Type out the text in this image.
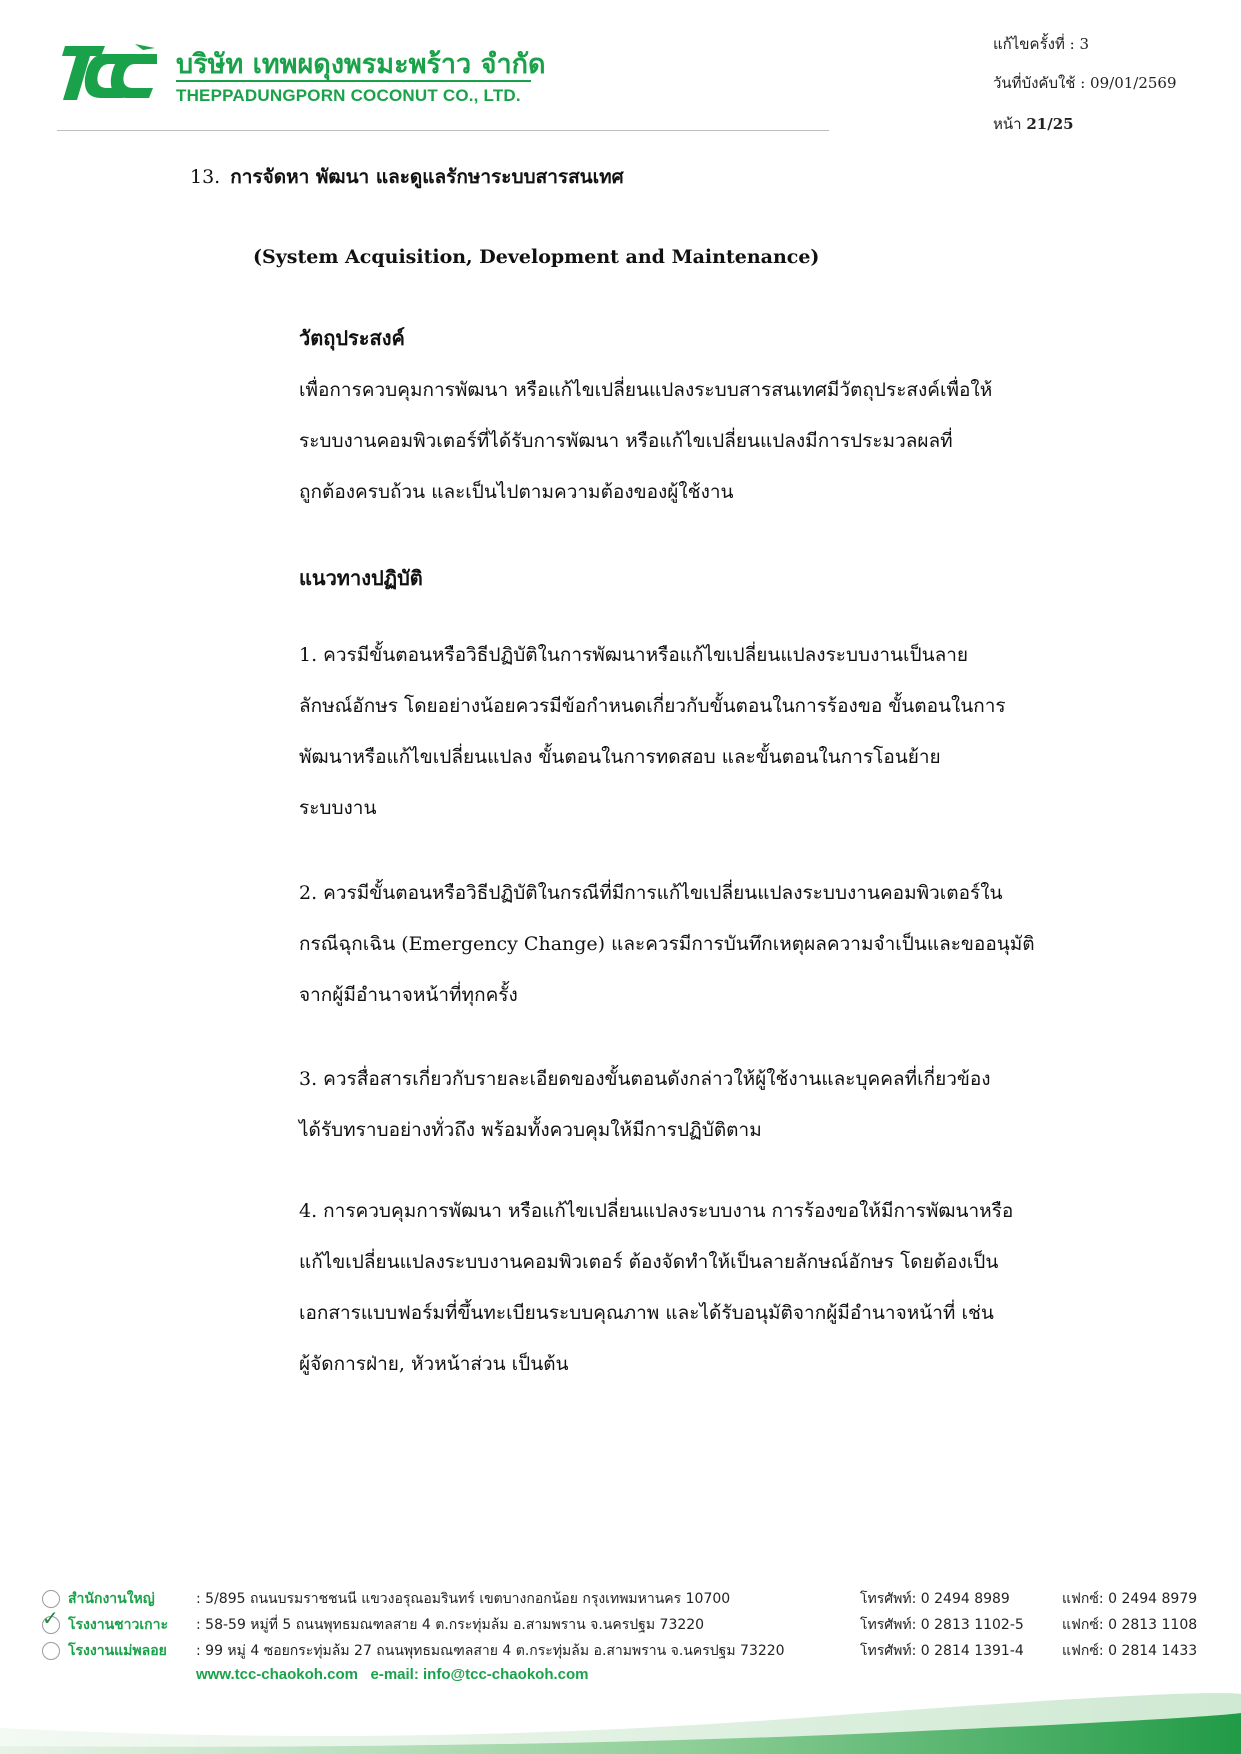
บริษัท เทพผดุงพรมะพร้าว จำกัด
THEPPADUNGPORN COCONUT CO., LTD.
แก้ไขครั้งที่ : 3
วันที่บังคับใช้ : 09/01/2569
หน้า 21/25
13. การจัดหา พัฒนา และดูแลรักษาระบบสารสนเทศ
(System Acquisition, Development and Maintenance)
วัตถุประสงค์
เพื่อการควบคุมการพัฒนา หรือแก้ไขเปลี่ยนแปลงระบบสารสนเทศมีวัตถุประสงค์เพื่อให้
ระบบงานคอมพิวเตอร์ที่ได้รับการพัฒนา หรือแก้ไขเปลี่ยนแปลงมีการประมวลผลที่
ถูกต้องครบถ้วน และเป็นไปตามความต้องของผู้ใช้งาน
แนวทางปฏิบัติ
1. ควรมีขั้นตอนหรือวิธีปฏิบัติในการพัฒนาหรือแก้ไขเปลี่ยนแปลงระบบงานเป็นลาย
ลักษณ์อักษร โดยอย่างน้อยควรมีข้อกำหนดเกี่ยวกับขั้นตอนในการร้องขอ ขั้นตอนในการ
พัฒนาหรือแก้ไขเปลี่ยนแปลง ขั้นตอนในการทดสอบ และขั้นตอนในการโอนย้าย
ระบบงาน
2. ควรมีขั้นตอนหรือวิธีปฏิบัติในกรณีที่มีการแก้ไขเปลี่ยนแปลงระบบงานคอมพิวเตอร์ใน
กรณีฉุกเฉิน (Emergency Change) และควรมีการบันทึกเหตุผลความจำเป็นและขออนุมัติ
จากผู้มีอำนาจหน้าที่ทุกครั้ง
3. ควรสื่อสารเกี่ยวกับรายละเอียดของขั้นตอนดังกล่าวให้ผู้ใช้งานและบุคคลที่เกี่ยวข้อง
ได้รับทราบอย่างทั่วถึง พร้อมทั้งควบคุมให้มีการปฏิบัติตาม
4. การควบคุมการพัฒนา หรือแก้ไขเปลี่ยนแปลงระบบงาน การร้องขอให้มีการพัฒนาหรือ
แก้ไขเปลี่ยนแปลงระบบงานคอมพิวเตอร์ ต้องจัดทำให้เป็นลายลักษณ์อักษร โดยต้องเป็น
เอกสารแบบฟอร์มที่ขึ้นทะเบียนระบบคุณภาพ และได้รับอนุมัติจากผู้มีอำนาจหน้าที่ เช่น
ผู้จัดการฝ่าย, หัวหน้าส่วน เป็นต้น
สำนักงานใหญ่	: 5/895 ถนนบรมราชชนนี แขวงอรุณอมรินทร์ เขตบางกอกน้อย กรุงเทพมหานคร 10700	โทรศัพท์: 0 2494 8989	แฟกซ์: 0 2494 8979
✓ โรงงานชาวเกาะ : 58-59 หมู่ที่ 5 ถนนพุทธมณฑลสาย 4 ต.กระทุ่มล้ม อ.สามพราน จ.นครปฐม 73220	โทรศัพท์: 0 2813 1102-5	แฟกซ์: 0 2813 1108
โรงงานแม่พลอย : 99 หมู่ 4 ซอยกระทุ่มล้ม 27 ถนนพุทธมณฑลสาย 4 ต.กระทุ่มล้ม อ.สามพราน จ.นครปฐม 73220	โทรศัพท์: 0 2814 1391-4	แฟกซ์: 0 2814 1433
www.tcc-chaokoh.com e-mail: info@tcc-chaokoh.com
